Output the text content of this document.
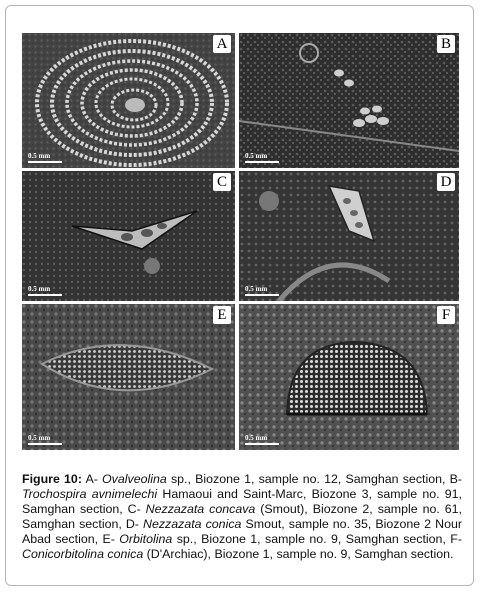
A
0.5 mm
B
0.5 mm
C
0.5 mm
D
0.5 mm
E
0.5 mm
F
0.5 mm

Figure 10: A- Ovalveolina sp., Biozone 1, sample no. 12, Samghan section, B- Trochospira avnimelechi Hamaoui and Saint-Marc, Biozone 3, sample no. 91, Samghan section, C- Nezzazata concava (Smout), Biozone 2, sample no. 61, Samghan section, D- Nezzazata conica Smout, sample no. 35, Biozone 2 Nour Abad section, E- Orbitolina sp., Biozone 1, sample no. 9, Samghan section, F- Conicorbitolina conica (D'Archiac), Biozone 1, sample no. 9, Samghan section.
